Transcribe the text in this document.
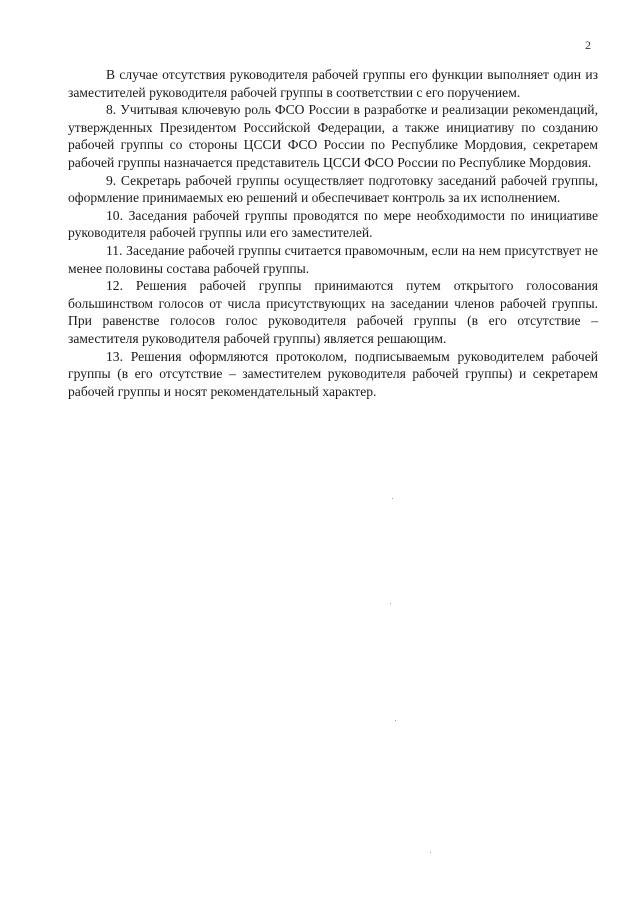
2

В случае отсутствия руководителя рабочей группы его функции выполняет один из заместителей руководителя рабочей группы в соответствии с его поручением.

8. Учитывая ключевую роль ФСО России в разработке и реализации рекомендаций, утвержденных Президентом Российской Федерации, а также инициативу по созданию рабочей группы со стороны ЦССИ ФСО России по Республике Мордовия, секретарем рабочей группы назначается представитель ЦССИ ФСО России по Республике Мордовия.

9. Секретарь рабочей группы осуществляет подготовку заседаний рабочей группы, оформление принимаемых ею решений и обеспечивает контроль за их исполнением.

10. Заседания рабочей группы проводятся по мере необходимости по инициативе руководителя рабочей группы или его заместителей.

11. Заседание рабочей группы считается правомочным, если на нем присутствует не менее половины состава рабочей группы.

12. Решения рабочей группы принимаются путем открытого голосования большинством голосов от числа присутствующих на заседании членов рабочей группы. При равенстве голосов голос руководителя рабочей группы (в его отсутствие – заместителя руководителя рабочей группы) является решающим.

13. Решения оформляются протоколом, подписываемым руководителем рабочей группы (в его отсутствие – заместителем руководителя рабочей группы) и секретарем рабочей группы и носят рекомендательный характер.
